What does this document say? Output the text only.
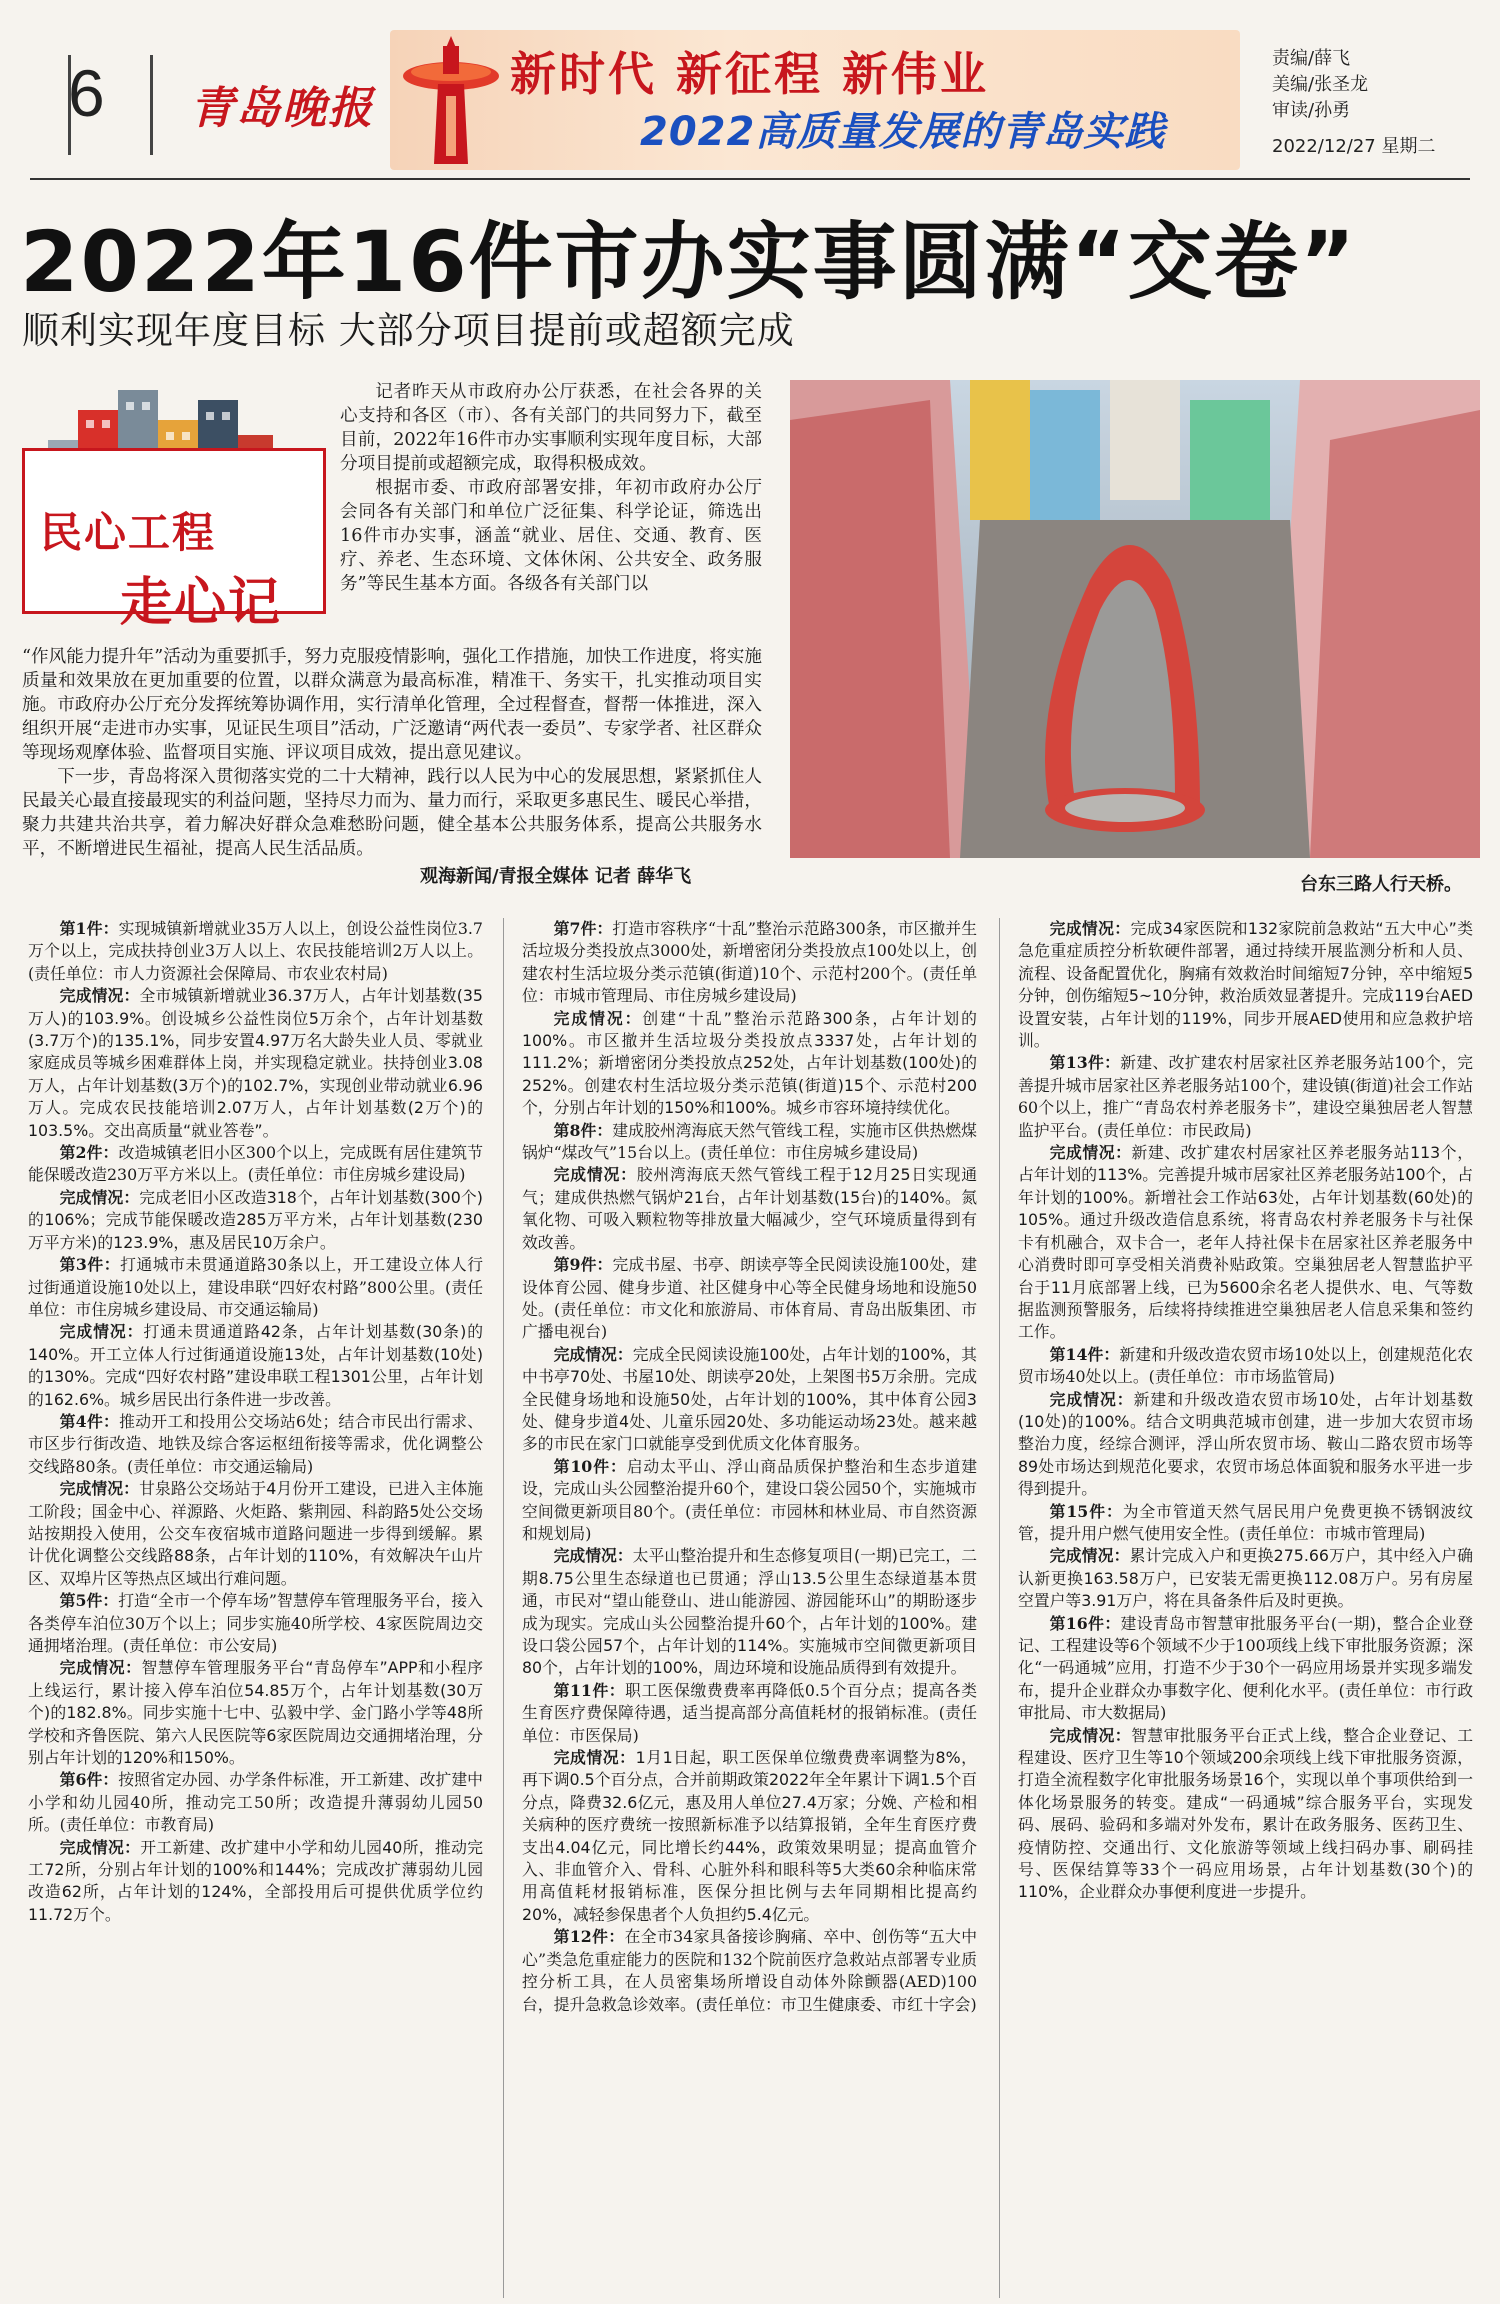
6 青岛晚报
新时代 新征程 新伟业
2022高质量发展的青岛实践
责编/薛飞
美编/张圣龙
审读/孙勇
2022/12/27 星期二
2022年16件市办实事圆满“交卷”
顺利实现年度目标 大部分项目提前或超额完成
民心工程
走心记

记者昨天从市政府办公厅获悉，在社会各界的关心支持和各区（市）、各有关部门的共同努力下，截至目前，2022年16件市办实事顺利实现年度目标，大部分项目提前或超额完成，取得积极成效。

根据市委、市政府部署安排，年初市政府办公厅会同各有关部门和单位广泛征集、科学论证，筛选出16件市办实事，涵盖“就业、居住、交通、教育、医疗、养老、生态环境、文体休闲、公共安全、政务服务”等民生基本方面。各级各有关部门以

“作风能力提升年”活动为重要抓手，努力克服疫情影响，强化工作措施，加快工作进度，将实施质量和效果放在更加重要的位置，以群众满意为最高标准，精准干、务实干，扎实推动项目实施。市政府办公厅充分发挥统筹协调作用，实行清单化管理，全过程督查，督帮一体推进，深入组织开展“走进市办实事，见证民生项目”活动，广泛邀请“两代表一委员”、专家学者、社区群众等现场观摩体验、监督项目实施、评议项目成效，提出意见建议。

下一步，青岛将深入贯彻落实党的二十大精神，践行以人民为中心的发展思想，紧紧抓住人民最关心最直接最现实的利益问题，坚持尽力而为、量力而行，采取更多惠民生、暖民心举措，聚力共建共治共享，着力解决好群众急难愁盼问题，健全基本公共服务体系，提高公共服务水平，不断增进民生福祉，提高人民生活品质。

观海新闻/青报全媒体 记者 薛华飞	台东三路人行天桥。

第1件：实现城镇新增就业35万人以上，创设公益性岗位3.7万个以上，完成扶持创业3万人以上、农民技能培训2万人以上。(责任单位：市人力资源社会保障局、市农业农村局)

完成情况：全市城镇新增就业36.37万人，占年计划基数(35万人)的103.9%。创设城乡公益性岗位5万余个，占年计划基数(3.7万个)的135.1%，同步安置4.97万名大龄失业人员、零就业家庭成员等城乡困难群体上岗，并实现稳定就业。扶持创业3.08万人，占年计划基数(3万个)的102.7%，实现创业带动就业6.96万人。完成农民技能培训2.07万人，占年计划基数(2万个)的103.5%。交出高质量“就业答卷”。

第2件：改造城镇老旧小区300个以上，完成既有居住建筑节能保暖改造230万平方米以上。(责任单位：市住房城乡建设局)

完成情况：完成老旧小区改造318个，占年计划基数(300个)的106%；完成节能保暖改造285万平方米，占年计划基数(230万平方米)的123.9%，惠及居民10万余户。

第3件：打通城市未贯通道路30条以上，开工建设立体人行过街通道设施10处以上，建设串联“四好农村路”800公里。(责任单位：市住房城乡建设局、市交通运输局)

完成情况：打通未贯通道路42条，占年计划基数(30条)的140%。开工立体人行过街通道设施13处，占年计划基数(10处)的130%。完成“四好农村路”建设串联工程1301公里，占年计划的162.6%。城乡居民出行条件进一步改善。

第4件：推动开工和投用公交场站6处；结合市民出行需求、市区步行街改造、地铁及综合客运枢纽衔接等需求，优化调整公交线路80条。(责任单位：市交通运输局)

完成情况：甘泉路公交场站于4月份开工建设，已进入主体施工阶段；国金中心、祥源路、火炬路、紫荆园、科韵路5处公交场站按期投入使用，公交车夜宿城市道路问题进一步得到缓解。累计优化调整公交线路88条，占年计划的110%，有效解决午山片区、双埠片区等热点区域出行难问题。

第5件：打造“全市一个停车场”智慧停车管理服务平台，接入各类停车泊位30万个以上；同步实施40所学校、4家医院周边交通拥堵治理。(责任单位：市公安局)

完成情况：智慧停车管理服务平台“青岛停车”APP和小程序上线运行，累计接入停车泊位54.85万个，占年计划基数(30万个)的182.8%。同步实施十七中、弘毅中学、金门路小学等48所学校和齐鲁医院、第六人民医院等6家医院周边交通拥堵治理，分别占年计划的120%和150%。

第6件：按照省定办园、办学条件标准，开工新建、改扩建中小学和幼儿园40所，推动完工50所；改造提升薄弱幼儿园50所。(责任单位：市教育局)

完成情况：开工新建、改扩建中小学和幼儿园40所，推动完工72所，分别占年计划的100%和144%；完成改扩薄弱幼儿园改造62所，占年计划的124%，全部投用后可提供优质学位约11.72万个。

第7件：打造市容秩序“十乱”整治示范路300条，市区撤并生活垃圾分类投放点3000处，新增密闭分类投放点100处以上，创建农村生活垃圾分类示范镇(街道)10个、示范村200个。(责任单位：市城市管理局、市住房城乡建设局)

完成情况：创建“十乱”整治示范路300条，占年计划的100%。市区撤并生活垃圾分类投放点3337处，占年计划的111.2%；新增密闭分类投放点252处，占年计划基数(100处)的252%。创建农村生活垃圾分类示范镇(街道)15个、示范村200个，分别占年计划的150%和100%。城乡市容环境持续优化。

第8件：建成胶州湾海底天然气管线工程，实施市区供热燃煤锅炉“煤改气”15台以上。(责任单位：市住房城乡建设局)

完成情况：胶州湾海底天然气管线工程于12月25日实现通气；建成供热燃气锅炉21台，占年计划基数(15台)的140%。氮氧化物、可吸入颗粒物等排放量大幅减少，空气环境质量得到有效改善。

第9件：完成书屋、书亭、朗读亭等全民阅读设施100处，建设体育公园、健身步道、社区健身中心等全民健身场地和设施50处。(责任单位：市文化和旅游局、市体育局、青岛出版集团、市广播电视台)

完成情况：完成全民阅读设施100处，占年计划的100%，其中书亭70处、书屋10处、朗读亭20处，上架图书5万余册。完成全民健身场地和设施50处，占年计划的100%，其中体育公园3处、健身步道4处、儿童乐园20处、多功能运动场23处。越来越多的市民在家门口就能享受到优质文化体育服务。

第10件：启动太平山、浮山商品质保护整治和生态步道建设，完成山头公园整治提升60个，建设口袋公园50个，实施城市空间微更新项目80个。(责任单位：市园林和林业局、市自然资源和规划局)

完成情况：太平山整治提升和生态修复项目(一期)已完工，二期8.75公里生态绿道也已贯通；浮山13.5公里生态绿道基本贯通，市民对“望山能登山、进山能游园、游园能环山”的期盼逐步成为现实。完成山头公园整治提升60个，占年计划的100%。建设口袋公园57个，占年计划的114%。实施城市空间微更新项目80个，占年计划的100%，周边环境和设施品质得到有效提升。

第11件：职工医保缴费费率再降低0.5个百分点；提高各类生育医疗费保障待遇，适当提高部分高值耗材的报销标准。(责任单位：市医保局)

完成情况：1月1日起，职工医保单位缴费费率调整为8%，再下调0.5个百分点，合并前期政策2022年全年累计下调1.5个百分点，降费32.6亿元，惠及用人单位27.4万家；分娩、产检和相关病种的医疗费统一按照新标准予以结算报销，全年生育医疗费支出4.04亿元，同比增长约44%，政策效果明显；提高血管介入、非血管介入、骨科、心脏外科和眼科等5大类60余种临床常用高值耗材报销标准，医保分担比例与去年同期相比提高约20%，减轻参保患者个人负担约5.4亿元。

第12件：在全市34家具备接诊胸痛、卒中、创伤等“五大中心”类急危重症能力的医院和132个院前医疗急救站点部署专业质控分析工具，在人员密集场所增设自动体外除颤器(AED)100台，提升急救急诊效率。(责任单位：市卫生健康委、市红十字会)

完成情况：完成34家医院和132家院前急救站“五大中心”类急危重症质控分析软硬件部署，通过持续开展监测分析和人员、流程、设备配置优化，胸痛有效救治时间缩短7分钟，卒中缩短5分钟，创伤缩短5~10分钟，救治质效显著提升。完成119台AED设置安装，占年计划的119%，同步开展AED使用和应急救护培训。

第13件：新建、改扩建农村居家社区养老服务站100个，完善提升城市居家社区养老服务站100个，建设镇(街道)社会工作站60个以上，推广“青岛农村养老服务卡”，建设空巢独居老人智慧监护平台。(责任单位：市民政局)

完成情况：新建、改扩建农村居家社区养老服务站113个，占年计划的113%。完善提升城市居家社区养老服务站100个，占年计划的100%。新增社会工作站63处，占年计划基数(60处)的105%。通过升级改造信息系统，将青岛农村养老服务卡与社保卡有机融合，双卡合一，老年人持社保卡在居家社区养老服务中心消费时即可享受相关消费补贴政策。空巢独居老人智慧监护平台于11月底部署上线，已为5600余名老人提供水、电、气等数据监测预警服务，后续将持续推进空巢独居老人信息采集和签约工作。

第14件：新建和升级改造农贸市场10处以上，创建规范化农贸市场40处以上。(责任单位：市市场监管局)

完成情况：新建和升级改造农贸市场10处，占年计划基数(10处)的100%。结合文明典范城市创建，进一步加大农贸市场整治力度，经综合测评，浮山所农贸市场、鞍山二路农贸市场等89处市场达到规范化要求，农贸市场总体面貌和服务水平进一步得到提升。

第15件：为全市管道天然气居民用户免费更换不锈钢波纹管，提升用户燃气使用安全性。(责任单位：市城市管理局)

完成情况：累计完成入户和更换275.66万户，其中经入户确认新更换163.58万户，已安装无需更换112.08万户。另有房屋空置户等3.91万户，将在具备条件后及时更换。

第16件：建设青岛市智慧审批服务平台(一期)，整合企业登记、工程建设等6个领域不少于100项线上线下审批服务资源；深化“一码通城”应用，打造不少于30个一码应用场景并实现多端发布，提升企业群众办事数字化、便利化水平。(责任单位：市行政审批局、市大数据局)

完成情况：智慧审批服务平台正式上线，整合企业登记、工程建设、医疗卫生等10个领域200余项线上线下审批服务资源，打造全流程数字化审批服务场景16个，实现以单个事项供给到一体化场景服务的转变。建成“一码通城”综合服务平台，实现发码、展码、验码和多端对外发布，累计在政务服务、医药卫生、疫情防控、交通出行、文化旅游等领域上线扫码办事、刷码挂号、医保结算等33个一码应用场景，占年计划基数(30个)的110%，企业群众办事便利度进一步提升。
